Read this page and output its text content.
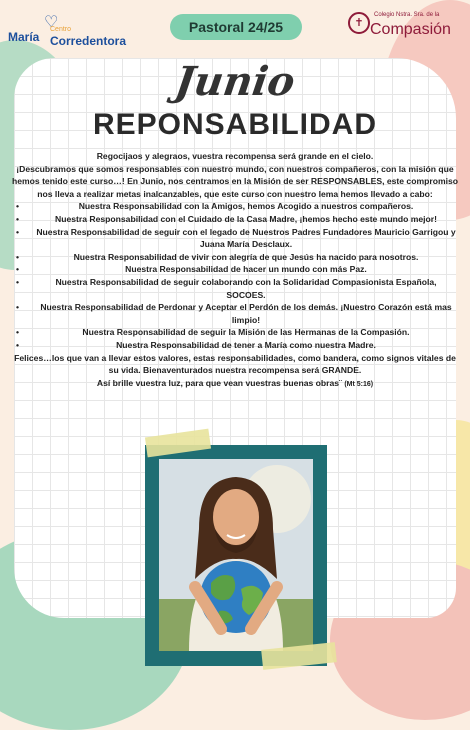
♡
María
Centro
Corredentora
Pastoral 24/25	✝
Colegio Nstra. Sra. de la
Compasión
Junio
REPONSABILIDAD

Regocijaos y alegraos, vuestra recompensa será grande en el cielo.

¡Descubramos que somos responsables con nuestro mundo, con nuestros compañeros, con la misión que hemos tenido este curso…! En Junio, nos centramos en la Misión de ser RESPONSABLES, este compromiso nos lleva a realizar metas inalcanzables, que este curso con nuestro lema hemos llevado a cabo:

•	Nuestra Responsabilidad con la Amigos, hemos Acogido a nuestros compañeros.
•	Nuestra Responsabilidad con el Cuidado de la Casa Madre, ¡hemos hecho este mundo mejor!
• Nuestra Responsabilidad de seguir con el legado de Nuestros Padres Fundadores Mauricio Garrigou y Juana María Desclaux.
•	Nuestra Responsabilidad de vivir con alegría de que Jesús ha nacido para nosotros.
•	Nuestra Responsabilidad de hacer un mundo con más Paz.
•	Nuestra Responsabilidad de seguir colaborando con la Solidaridad Compasionista Española, SOCOES.
• Nuestra Responsabilidad de Perdonar y Aceptar el Perdón de los demás. ¡Nuestro Corazón está mas limpio!
•	Nuestra Responsabilidad de seguir la Misión de las Hermanas de la Compasión.
•	Nuestra Responsabilidad de tener a María como nuestra Madre.

Felices…los que van a llevar estos valores, estas responsabilidades, como bandera, como signos vitales de su vida. Bienaventurados nuestra recompensa será GRANDE.

Así brille vuestra luz, para que vean vuestras buenas obras¨ (Mt 5:16)
